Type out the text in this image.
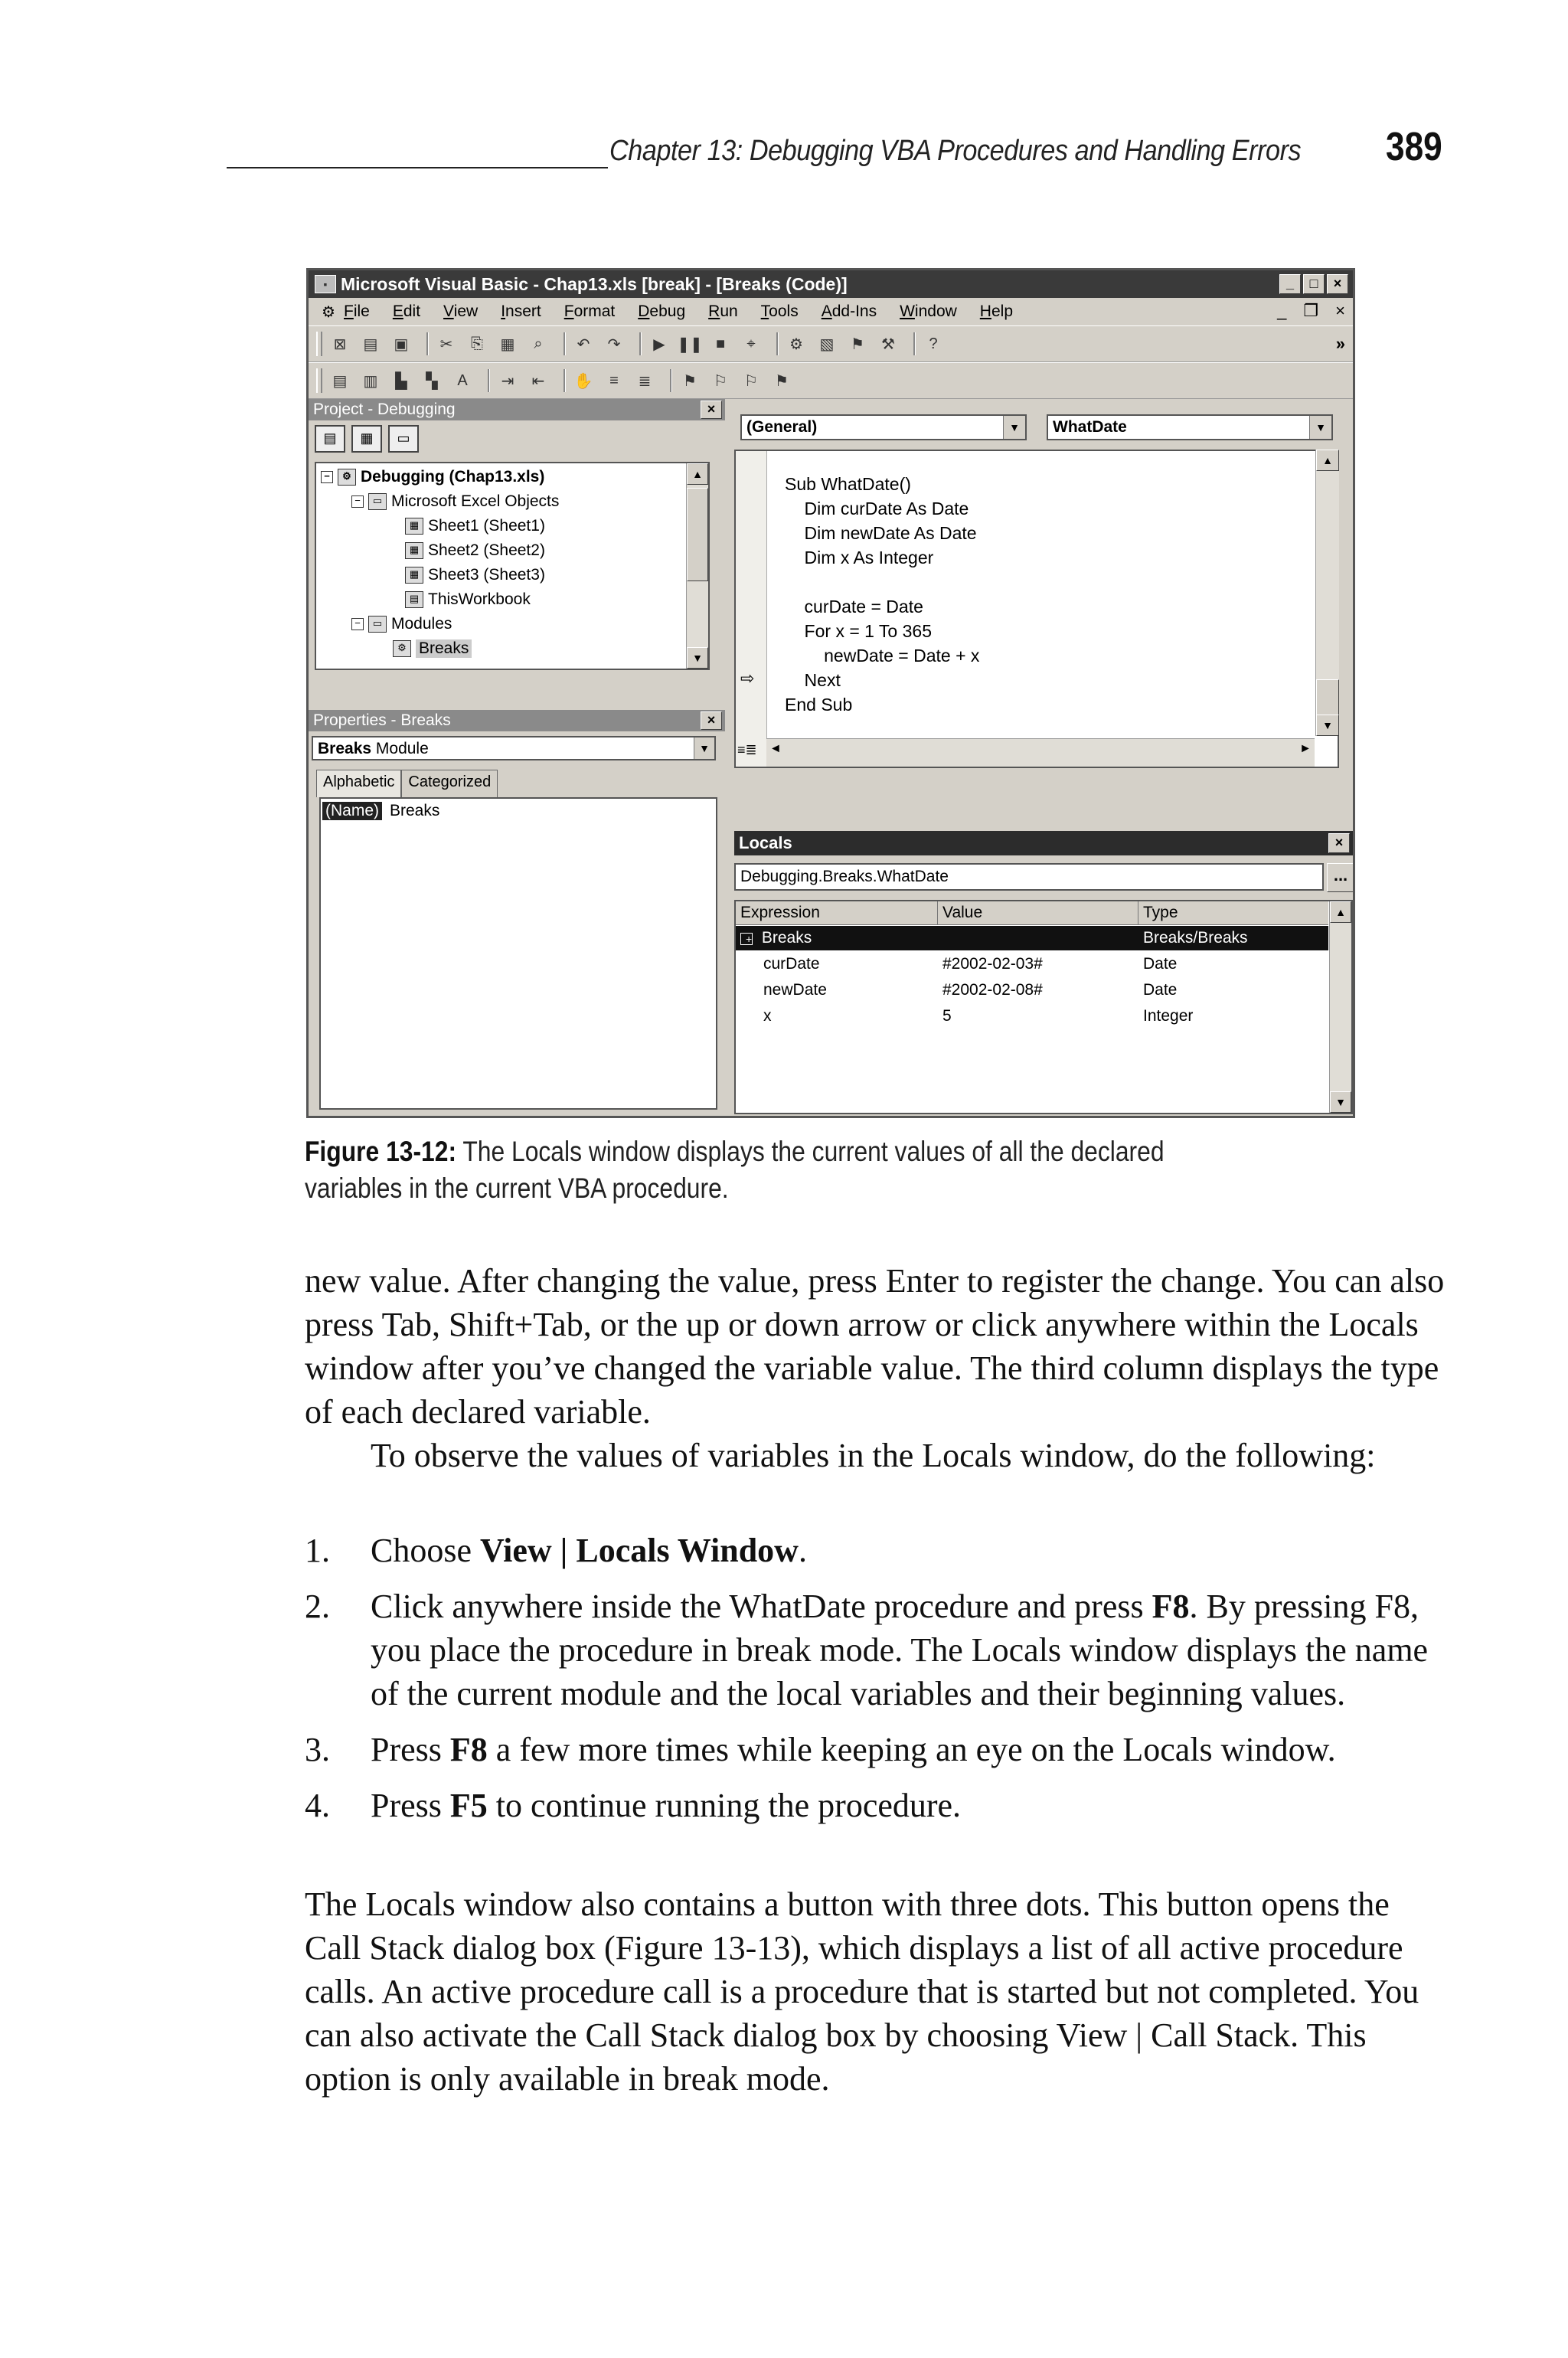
Chapter 13: Debugging VBA Procedures and Handling Errors 389
▪ Microsoft Visual Basic - Chap13.xls [break] - [Breaks (Code)]	_	□	×
⚙ File Edit View Insert Format Debug Run Tools Add-Ins Window Help	_ ❐ ×
⊠	▤ ▣	✂	⎘	▦	⌕	↶	↷	▶ ❚❚ ■	⌖	⚙	▧	⚑	⚒	?	»
▤ ▥	▙	▚	A	⇥	⇤	✋	≡	≣	⚑	⚐	⚐	⚑
Project - Debugging	×
▤	▦	▭
−	⚙ Debugging (Chap13.xls)
−	▭ Microsoft Excel Objects
▦ Sheet1 (Sheet1)
▦ Sheet2 (Sheet2)
▦ Sheet3 (Sheet3)
▤ ThisWorkbook
−	▭ Modules
⚙ Breaks
▲
▼
Properties - Breaks	×
Breaks Module	▼
Alphabetic Categorized
(Name) Breaks
(General)	▼	WhatDate	▼
Sub WhatDate()
Dim curDate As Date
Dim newDate As Date
Dim x As Integer
curDate = Date
For x = 1 To 365
newDate = Date + x
Next
End Sub
⇨
▲
▼
≡≣ ◄	►
Locals	×
Debugging.Breaks.WhatDate	...
Expression	Value	Type
+ Breaks	Breaks/Breaks
curDate	#2002-02-03#	Date
newDate	#2002-02-08#	Date
x	5	Integer
▲
▼
Figure 13-12: The Locals window displays the current values of all the declared variables in the current VBA procedure.
new value. After changing the value, press Enter to register the change. You can also press Tab, Shift+Tab, or the up or down arrow or click anywhere within the Locals window after you’ve changed the variable value. The third column displays the type of each declared variable.
To observe the values of variables in the Locals window, do the following:
1. Choose View | Locals Window.
2. Click anywhere inside the WhatDate procedure and press F8. By pressing F8, you place the procedure in break mode. The Locals window displays the name of the current module and the local variables and their beginning values.
3. Press F8 a few more times while keeping an eye on the Locals window.
4. Press F5 to continue running the procedure.
The Locals window also contains a button with three dots. This button opens the Call Stack dialog box (Figure 13-13), which displays a list of all active procedure calls. An active procedure call is a procedure that is started but not completed. You can also activate the Call Stack dialog box by choosing View | Call Stack. This option is only available in break mode.
